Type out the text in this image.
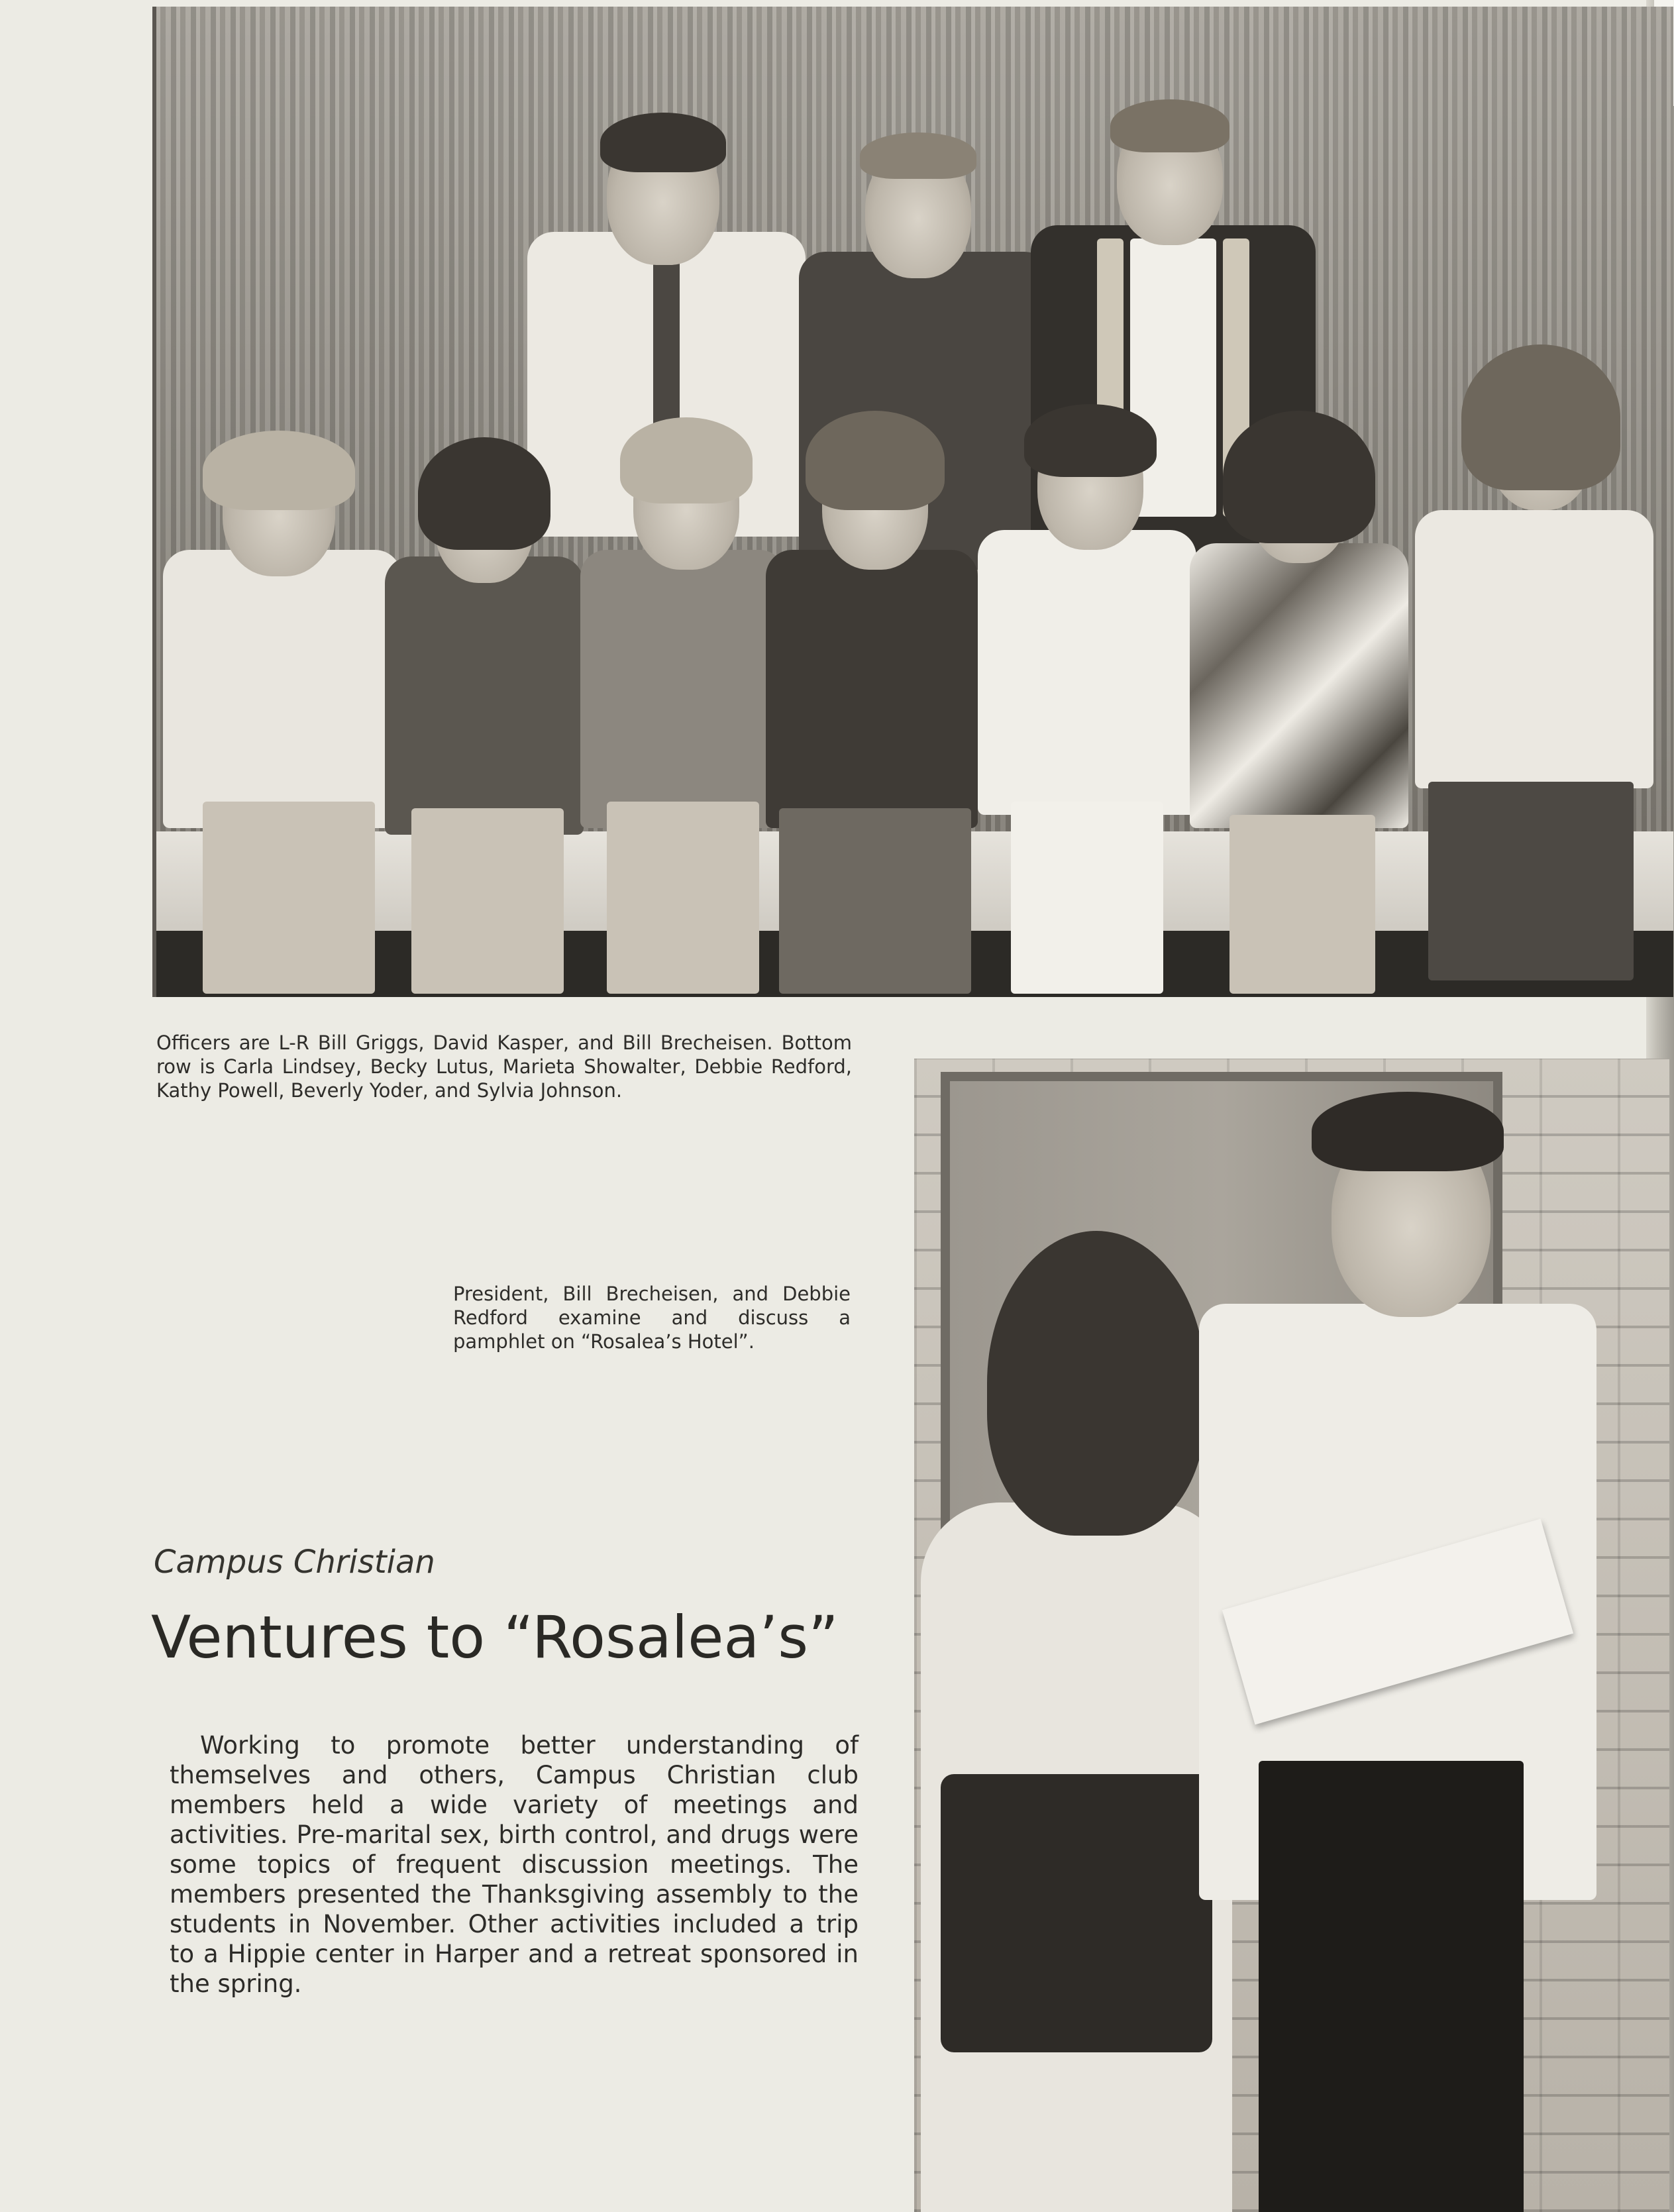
Officers are L-R Bill Griggs, David Kasper, and Bill Brecheisen. Bottom row is Carla Lindsey, Becky Lutus, Marieta Showalter, Debbie Redford, Kathy Powell, Beverly Yoder, and Sylvia Johnson.

President, Bill Brecheisen, and Debbie Redford examine and discuss a pamphlet on “Rosalea’s Hotel”.

Campus Christian

Ventures to “Rosalea’s”

Working to promote better understanding of themselves and others, Campus Christian club members held a wide variety of meetings and activities. Pre-marital sex, birth control, and drugs were some topics of frequent discussion meetings. The members presented the Thanksgiving assembly to the students in November. Other activities included a trip to a Hippie center in Harper and a retreat sponsored in the spring.
